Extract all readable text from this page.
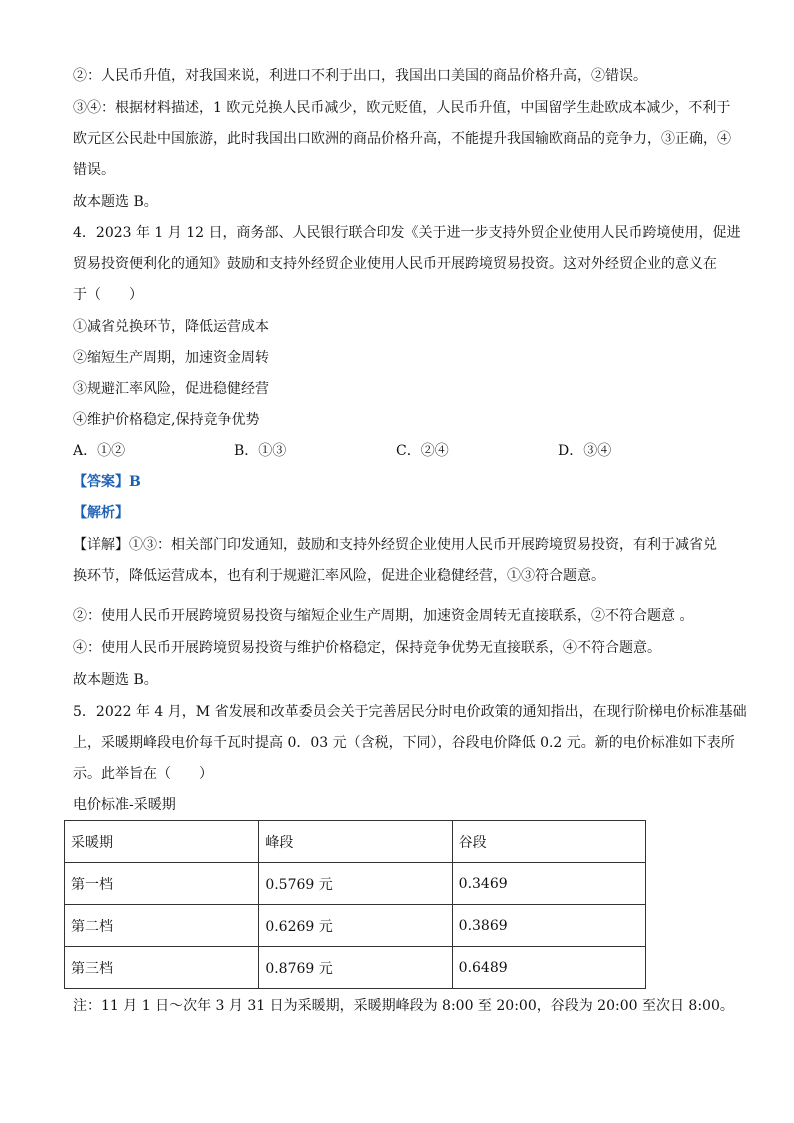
②：人民币升值，对我国来说，利进口不利于出口，我国出口美国的商品价格升高，②错误。
③④：根据材料描述，1 欧元兑换人民币减少，欧元贬值，人民币升值，中国留学生赴欧成本减少，不利于
欧元区公民赴中国旅游，此时我国出口欧洲的商品价格升高，不能提升我国输欧商品的竞争力，③正确，④
错误。
故本题选 B。
4．2023 年 1 月 12 日，商务部、人民银行联合印发《关于进一步支持外贸企业使用人民币跨境使用，促进
贸易投资便利化的通知》鼓励和支持外经贸企业使用人民币开展跨境贸易投资。这对外经贸企业的意义在
于（　　）
①减省兑换环节，降低运营成本
②缩短生产周期，加速资金周转
③规避汇率风险，促进稳健经营
④维护价格稳定,保持竞争优势
A．①②	B．①③	C．②④	D．③④
【答案】B
【解析】
【详解】①③：相关部门印发通知，鼓励和支持外经贸企业使用人民币开展跨境贸易投资，有利于减省兑
换环节，降低运营成本，也有利于规避汇率风险，促进企业稳健经营，①③符合题意。
②：使用人民币开展跨境贸易投资与缩短企业生产周期，加速资金周转无直接联系，②不符合题意 。
④：使用人民币开展跨境贸易投资与维护价格稳定，保持竞争优势无直接联系，④不符合题意。
故本题选 B。
5．2022 年 4 月，M 省发展和改革委员会关于完善居民分时电价政策的通知指出，在现行阶梯电价标准基础
上，采暖期峰段电价每千瓦时提高 0．03 元（含税，下同），谷段电价降低 0.2 元。新的电价标准如下表所
示。此举旨在（　　）
电价标准-采暖期
采暖期	峰段	谷段
第一档	0.5769 元	0.3469
第二档	0.6269 元	0.3869
第三档	0.8769 元	0.6489
注：11 月 1 日～次年 3 月 31 日为采暖期，采暖期峰段为 8:00 至 20:00，谷段为 20:00 至次日 8:00。
